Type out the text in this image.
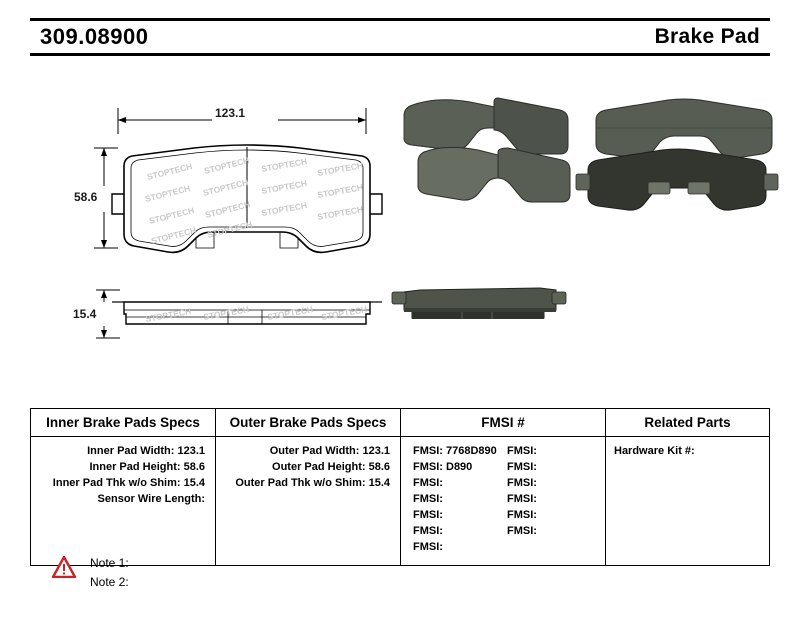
309.08900	Brake Pad
123.1
58.6
15.4
STOPTECH STOPTECH STOPTECH STOPTECH
STOPTECH STOPTECH STOPTECH STOPTECH
STOPTECH STOPTECH STOPTECH STOPTECH
STOPTECH STOPTECH
STOPTECH STOPTECH STOPTECH STOPTECH
Inner Brake Pads Specs
Inner Pad Width: 123.1
Inner Pad Height: 58.6
Inner Pad Thk w/o Shim: 15.4
Sensor Wire Length:
Outer Brake Pads Specs
Outer Pad Width: 123.1
Outer Pad Height: 58.6
Outer Pad Thk w/o Shim: 15.4
FMSI #
FMSI: 7768D890
FMSI: D890
FMSI:
FMSI:
FMSI:
FMSI:
FMSI:
FMSI:
FMSI:
FMSI:
FMSI:
FMSI:
FMSI:
Related Parts
Hardware Kit #:
Note 1:
Note 2:
